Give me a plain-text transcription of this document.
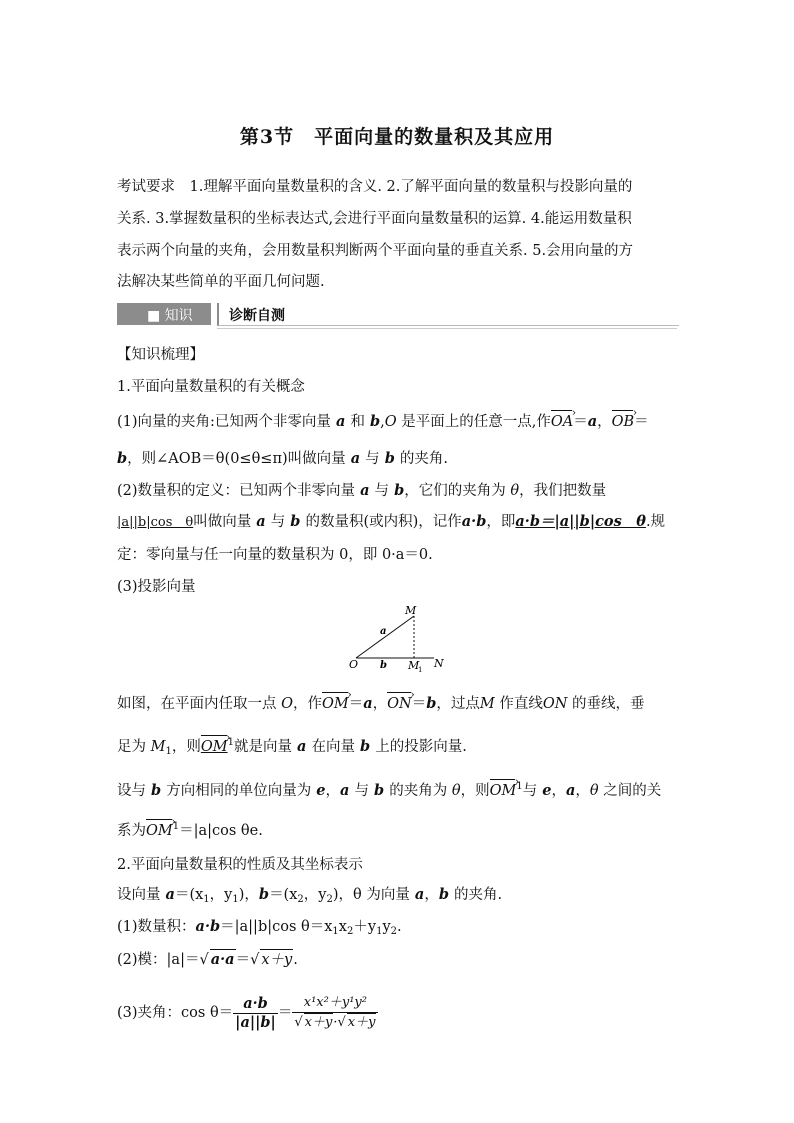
第3节　平面向量的数量积及其应用
考试要求　1.理解平面向量数量积的含义. 2.了解平面向量的数量积与投影向量的
关系. 3.掌握数量积的坐标表达式,会进行平面向量数量积的运算. 4.能运用数量积
表示两个向量的夹角，会用数量积判断两个平面向量的垂直关系. 5.会用向量的方
法解决某些简单的平面几何问题.
■ 知识	诊断自测
【知识梳理】
1.平面向量数量积的有关概念
(1)向量的夹角:已知两个非零向量 a 和 b,O 是平面上的任意一点,作OA ›＝a，OB ›＝
b，则∠AOB＝θ(0≤θ≤π)叫做向量 a 与 b 的夹角.
(2)数量积的定义：已知两个非零向量 a 与 b，它们的夹角为 θ，我们把数量
|a||b|cos　θ叫做向量 a 与 b 的数量积(或内积)，记作a·b，即a·b＝|a||b|cos　θ.规
定：零向量与任一向量的数量积为 0，即 0·a＝0.
(3)投影向量
M
a
O b M
1 N
如图，在平面内任取一点 O，作OM ›＝a，ON ›＝b，过点M 作直线ON 的垂线，垂
足为 $M_1$，则OM ›$^1$就是向量 a 在向量 b 上的投影向量.
设与 b 方向相同的单位向量为 e，a 与 b 的夹角为 θ，则OM ›$^1$与 e，a，θ 之间的关
系为OM ›$^1$＝|a|cos θe.
2.平面向量数量积的性质及其坐标表示
设向量 $a=(x_1$，$y_1$)，$b=(x_2$，$y_2$)，θ 为向量 a，b 的夹角.
(1)数量积：a·b＝|a||b|cos $\theta=x_1x_2+y_1y_2$.
(2)模：|a|＝√ a·a＝√ x＋y.
(3)夹角：$\cos \theta= \frac{a\cdot b}{|a||b|} = \frac{\text{x¹x²＋y¹y²}}{√ x+y\cdot√ x+y}$
